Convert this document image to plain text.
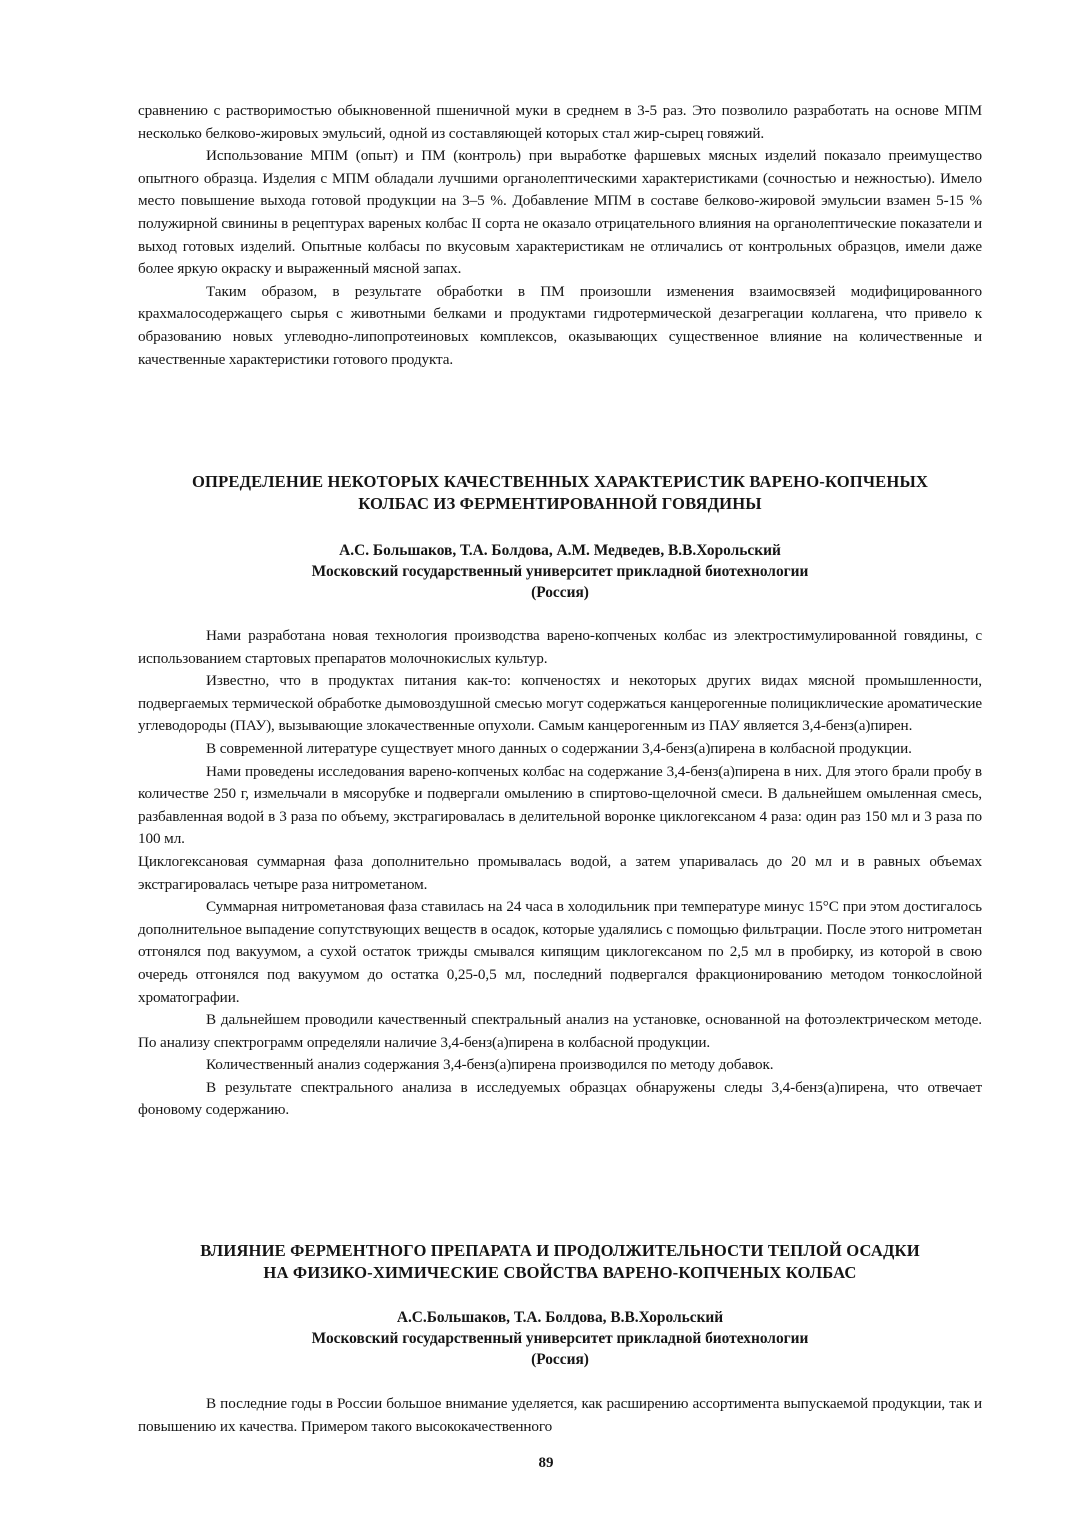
сравнению с растворимостью обыкновенной пшеничной муки в среднем в 3-5 раз. Это позволило разработать на основе МПМ несколько белково-жировых эмульсий, одной из составляющей которых стал жир-сырец говяжий.

Использование МПМ (опыт) и ПМ (контроль) при выработке фаршевых мясных изделий показало преимущество опытного образца. Изделия с МПМ обладали лучшими органолептическими характеристиками (сочностью и нежностью). Имело место повышение выхода готовой продукции на 3–5 %. Добавление МПМ в составе белково-жировой эмульсии взамен 5-15 % полужирной свинины в рецептурах вареных колбас II сорта не оказало отрицательного влияния на органолептические показатели и выход готовых изделий. Опытные колбасы по вкусовым характеристикам не отличались от контрольных образцов, имели даже более яркую окраску и выраженный мясной запах.

Таким образом, в результате обработки в ПМ произошли изменения взаимосвязей модифицированного крахмалосодержащего сырья с животными белками и продуктами гидротермической дезагрегации коллагена, что привело к образованию новых углеводно-липопротеиновых комплексов, оказывающих существенное влияние на количественные и качественные характеристики готового продукта.

ОПРЕДЕЛЕНИЕ НЕКОТОРЫХ КАЧЕСТВЕННЫХ ХАРАКТЕРИСТИК ВАРЕНО-КОПЧЕНЫХ
КОЛБАС ИЗ ФЕРМЕНТИРОВАННОЙ ГОВЯДИНЫ
А.С. Большаков, Т.А. Болдова, А.М. Медведев, В.В.Хорольский
Московский государственный университет прикладной биотехнологии
(Россия)

Нами разработана новая технология производства варено-копченых колбас из электростимулированной говядины, с использованием стартовых препаратов молочнокислых культур.

Известно, что в продуктах питания как-то: копченостях и некоторых других видах мясной промышленности, подвергаемых термической обработке дымовоздушной смесью могут содержаться канцерогенные полициклические ароматические углеводороды (ПАУ), вызывающие злокачественные опухоли. Самым канцерогенным из ПАУ является 3,4-бенз(а)пирен.

В современной литературе существует много данных о содержании 3,4-бенз(а)пирена в колбасной продукции.

Нами проведены исследования варено-копченых колбас на содержание 3,4-бенз(а)пирена в них. Для этого брали пробу в количестве 250 г, измельчали в мясорубке и подвергали омылению в спиртово-щелочной смеси. В дальнейшем омыленная смесь, разбавленная водой в 3 раза по объему, экстрагировалась в делительной воронке циклогексаном 4 раза: один раз 150 мл и 3 раза по 100 мл.

Циклогексановая суммарная фаза дополнительно промывалась водой, а затем упаривалась до 20 мл и в равных объемах экстрагировалась четыре раза нитрометаном.

Суммарная нитрометановая фаза ставилась на 24 часа в холодильник при температуре минус 15°С при этом достигалось дополнительное выпадение сопутствующих веществ в осадок, которые удалялись с помощью фильтрации. После этого нитрометан отгонялся под вакуумом, а сухой остаток трижды смывался кипящим циклогексаном по 2,5 мл в пробирку, из которой в свою очередь отгонялся под вакуумом до остатка 0,25-0,5 мл, последний подвергался фракционированию методом тонкослойной хроматографии.

В дальнейшем проводили качественный спектральный анализ на установке, основанной на фотоэлектрическом методе. По анализу спектрограмм определяли наличие 3,4-бенз(а)пирена в колбасной продукции.

Количественный анализ содержания 3,4-бенз(а)пирена производился по методу добавок.

В результате спектрального анализа в исследуемых образцах обнаружены следы 3,4-бенз(а)пирена, что отвечает фоновому содержанию.

ВЛИЯНИЕ ФЕРМЕНТНОГО ПРЕПАРАТА И ПРОДОЛЖИТЕЛЬНОСТИ ТЕПЛОЙ ОСАДКИ
НА ФИЗИКО-ХИМИЧЕСКИЕ СВОЙСТВА ВАРЕНО-КОПЧЕНЫХ КОЛБАС
А.С.Большаков, Т.А. Болдова, В.В.Хорольский
Московский государственный университет прикладной биотехнологии
(Россия)

В последние годы в России большое внимание уделяется, как расширению ассортимента выпускаемой продукции, так и повышению их качества. Примером такого высококачественного

89
